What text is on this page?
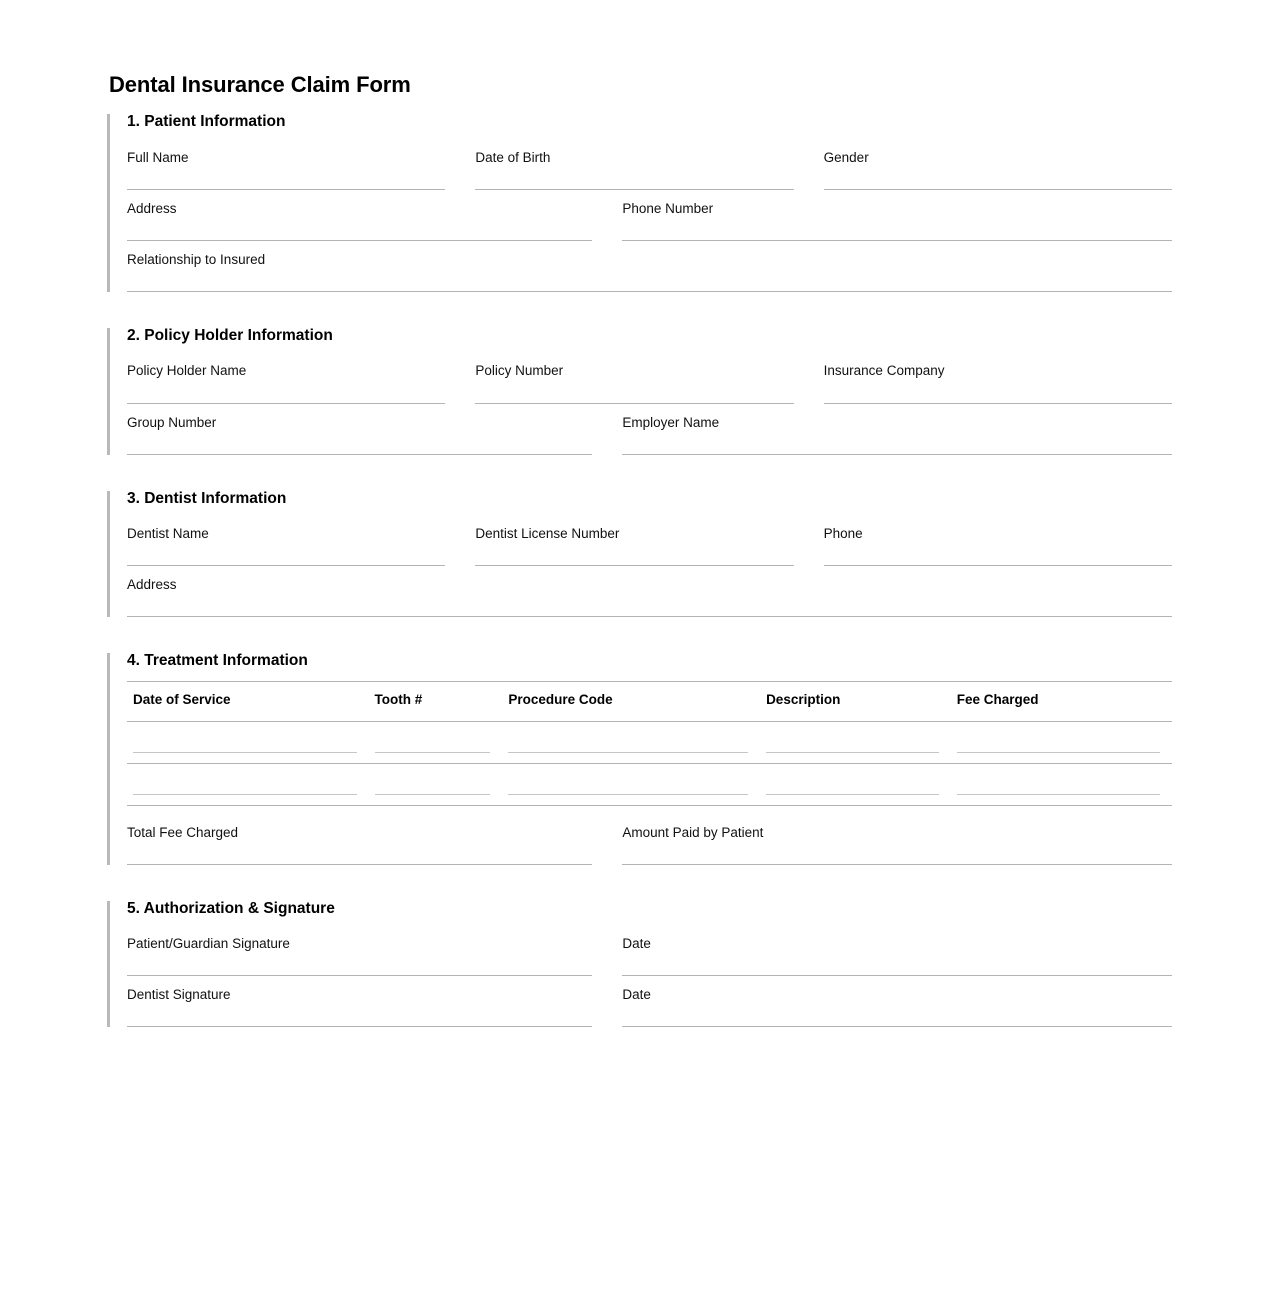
Dental Insurance Claim Form
1. Patient Information
Full Name	Date of Birth	Gender
Address	Phone Number
Relationship to Insured
2. Policy Holder Information
Policy Holder Name	Policy Number	Insurance Company
Group Number	Employer Name
3. Dentist Information
Dentist Name	Dentist License Number	Phone
Address
4. Treatment Information
Date of Service	Tooth #	Procedure Code	Description	Fee Charged

Total Fee Charged	Amount Paid by Patient
5. Authorization & Signature
Patient/Guardian Signature	Date
Dentist Signature	Date
